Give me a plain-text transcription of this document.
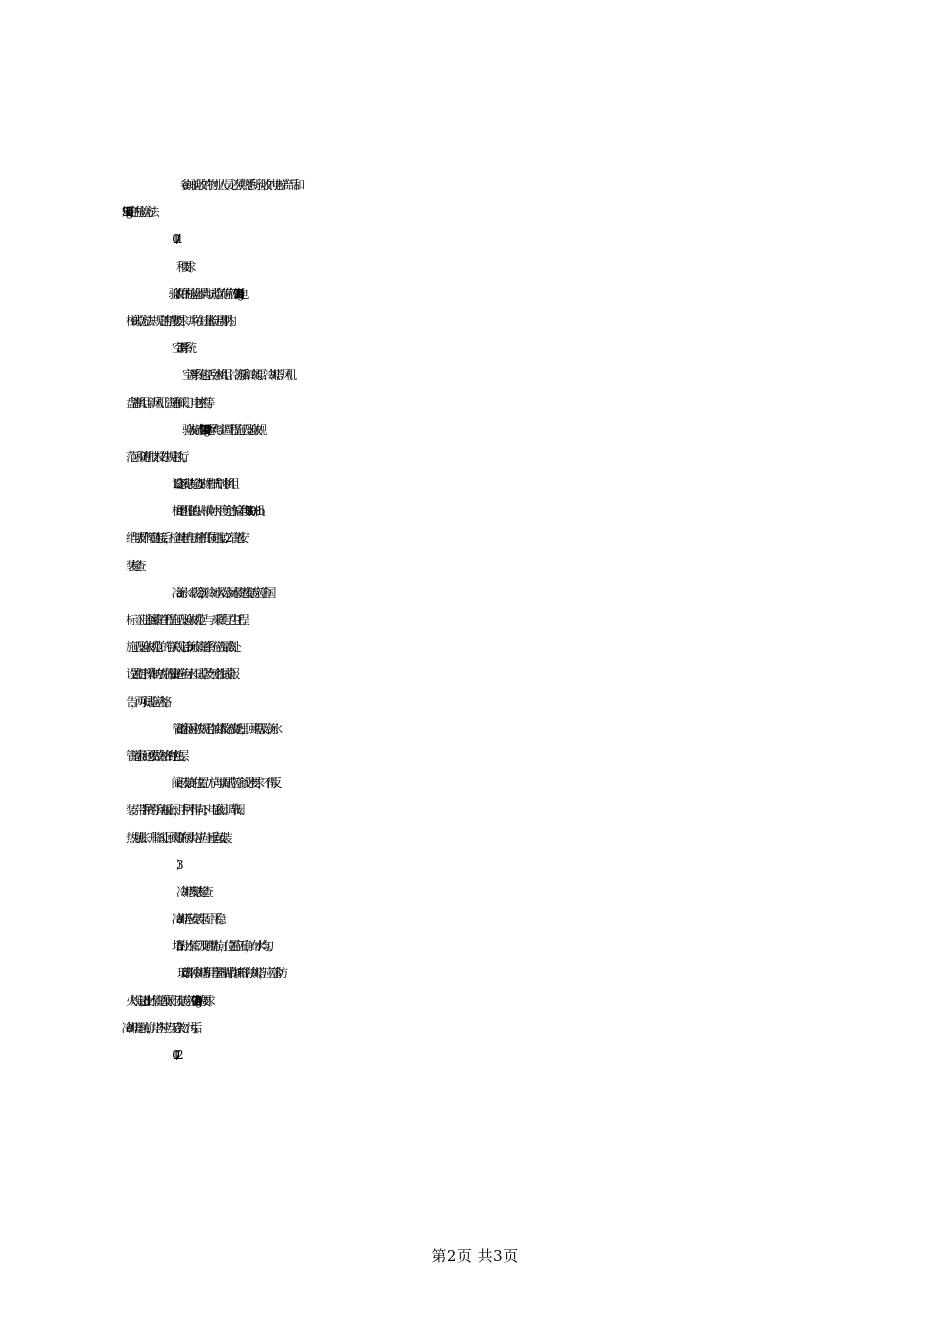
e.参加验收的物业人员必须熟悉所验收的电梯产品和
gb10060-93规定的检验方法
和要求。
f.验收用的检验器具与试验负荷应符合gb10059-1997《电
梯试验方法》规定的精度要求，并均在计量检定周期内。
3.空调系统
空调系统包括冷水机组、冷冻泵和冷却泵、冷却塔、风机
盘管机组、新风机、管道和阀门、电控柜等。
验收标准按gb5024-97《通风与空调工程施工及验收规
范》和随机技术文件规定执行。
3.1设备安装检查1）螺杆式制冷机组
a.机组机座的纵、横向水平度允许偏差均为0.01‰。b.机
组与吸排气管连接后，检查电机与压缩机的同轴度。2）管道安
装检查
a.冷冻水（载冷剂），冷却水及冷凝水管道安装应符合国
标《工业金属管道工程施工及验收规范》与《采暖与卫生工程
施工及验收规范》的有关规定。b.冷冻水管道系统应在最高处
设置便于操作的放空阀。c.管道应有水压试验及气密性试验报
告，两项试验应合格。
d.管道表面应按规定作油漆及防腐处理，回风管及冷冻水
管道表面还要做合格的绝热层。
e.阀门安装的位置、方向与调试应符合设计要求，不得反
装；带手柄的手动截止阀，手柄不得向下；电磁阀、调节阀、
热力膨胀、升降式止回阀等的阀头均应向上垂直安装。
3）
冷却塔安装检查
a.冷却塔应安装牢固、平稳。
b.塔的出水管口及喷嘴方向，位置应正确，布水均匀。
c.玻璃钢冷却塔和用塑料制品作填料的冷却塔，应符合防
火规定。d.进出水管道及阀门安装应符合gb50243-97中的要求。
e.冷却塔运转前，塔内应当无杂物、污垢。
第2页 共3页
